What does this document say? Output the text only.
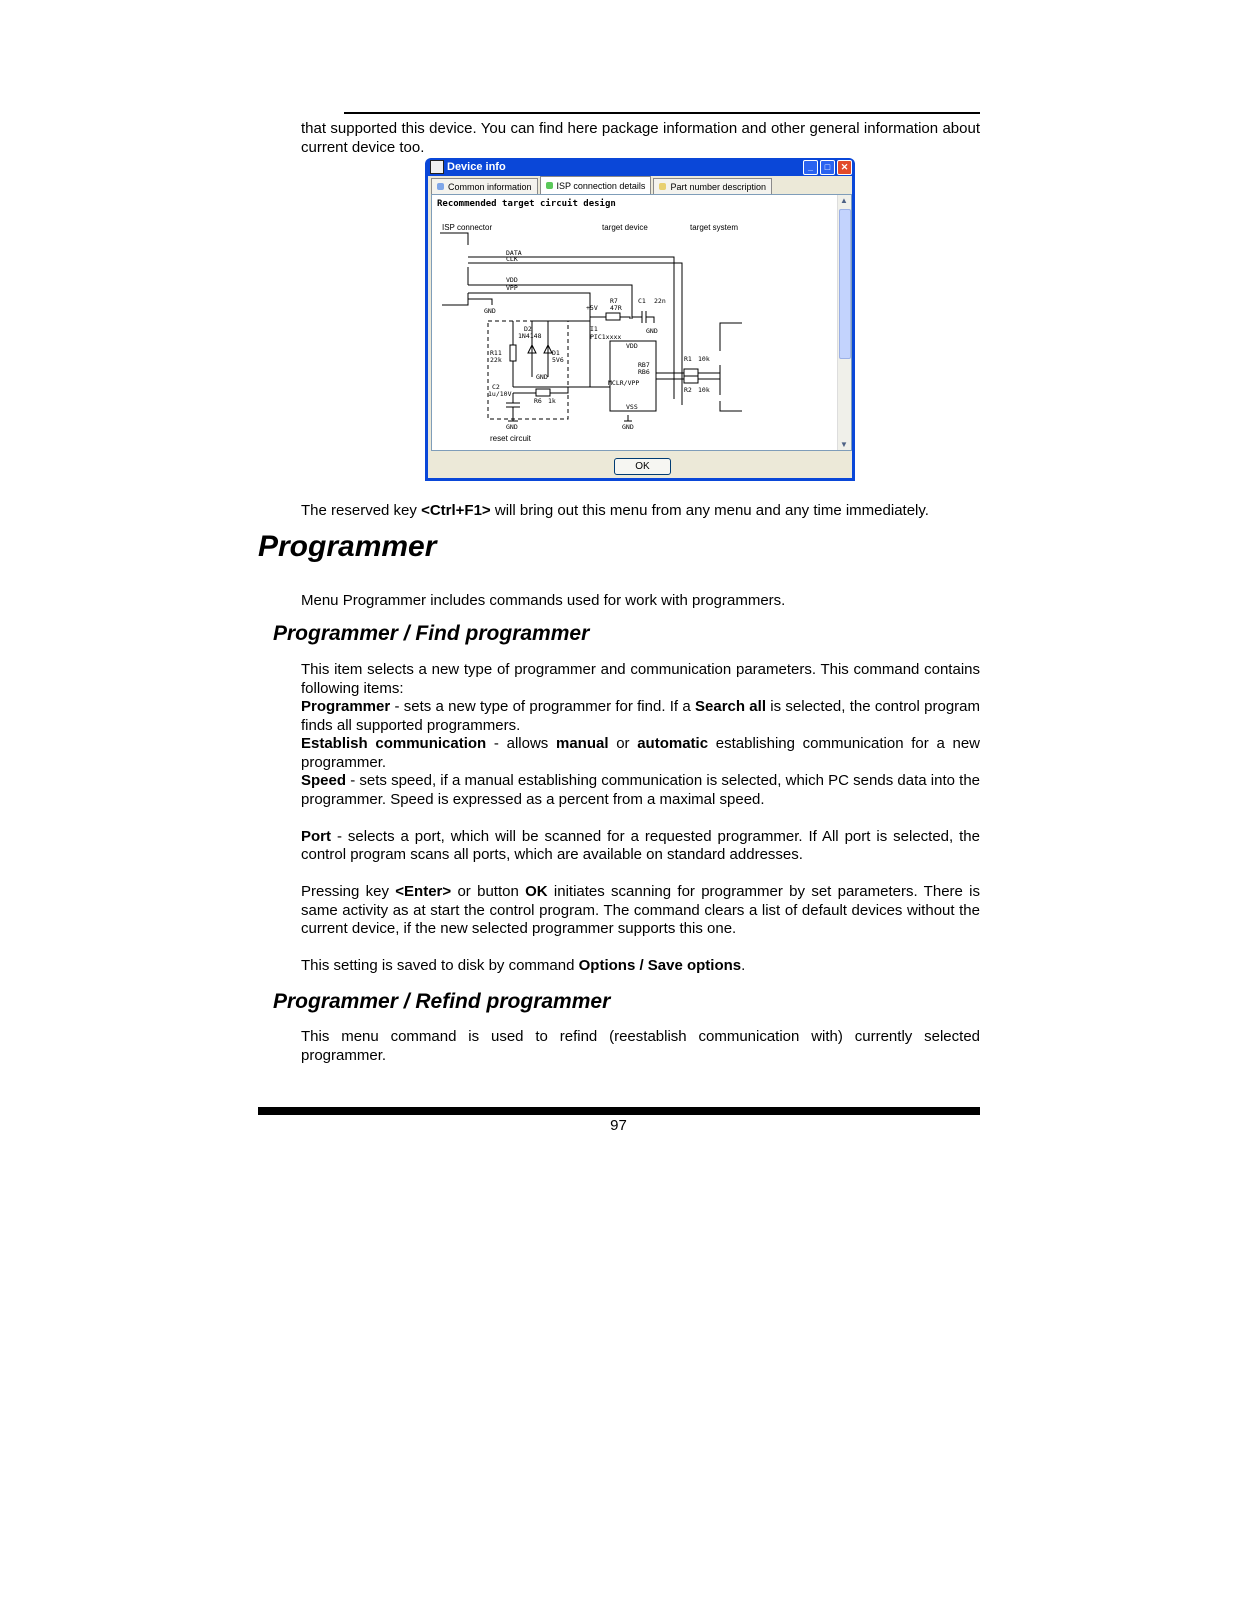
that supported this device. You can find here package information and other general information about current device too.
Device info	_	□	✕
Common information	ISP connection details	Part number description
Recommended target circuit design
ISP connector	target device	target system
DATA
CLK
VDD
VPP
GND	+5V
R7
47R
C1 22n
GND
D2
1N4148
I1
PIC1xxxx
R11
22k
D1
5V6
GND
VDD
RB7
RB6
MCLR/VPP
VSS
R1 10k
R2 10k
C2
1u/10V
R6 1k
GND	GND
reset circuit
▲
▼
OK
The reserved key <Ctrl+F1> will bring out this menu from any menu and any time immediately.
Programmer
Menu Programmer includes commands used for work with programmers.
Programmer / Find programmer
This item selects a new type of programmer and communication parameters. This command contains following items:
Programmer - sets a new type of programmer for find. If a Search all is selected, the control program finds all supported programmers.
Establish communication - allows manual or automatic establishing communication for a new programmer.
Speed - sets speed, if a manual establishing communication is selected, which PC sends data into the programmer. Speed is expressed as a percent from a maximal speed.
Port - selects a port, which will be scanned for a requested programmer. If All port is selected, the control program scans all ports, which are available on standard addresses.
Pressing key <Enter> or button OK initiates scanning for programmer by set parameters. There is same activity as at start the control program. The command clears a list of default devices without the current device, if the new selected programmer supports this one.
This setting is saved to disk by command Options / Save options.
Programmer / Refind programmer
This menu command is used to refind (reestablish communication with) currently selected programmer.
97
